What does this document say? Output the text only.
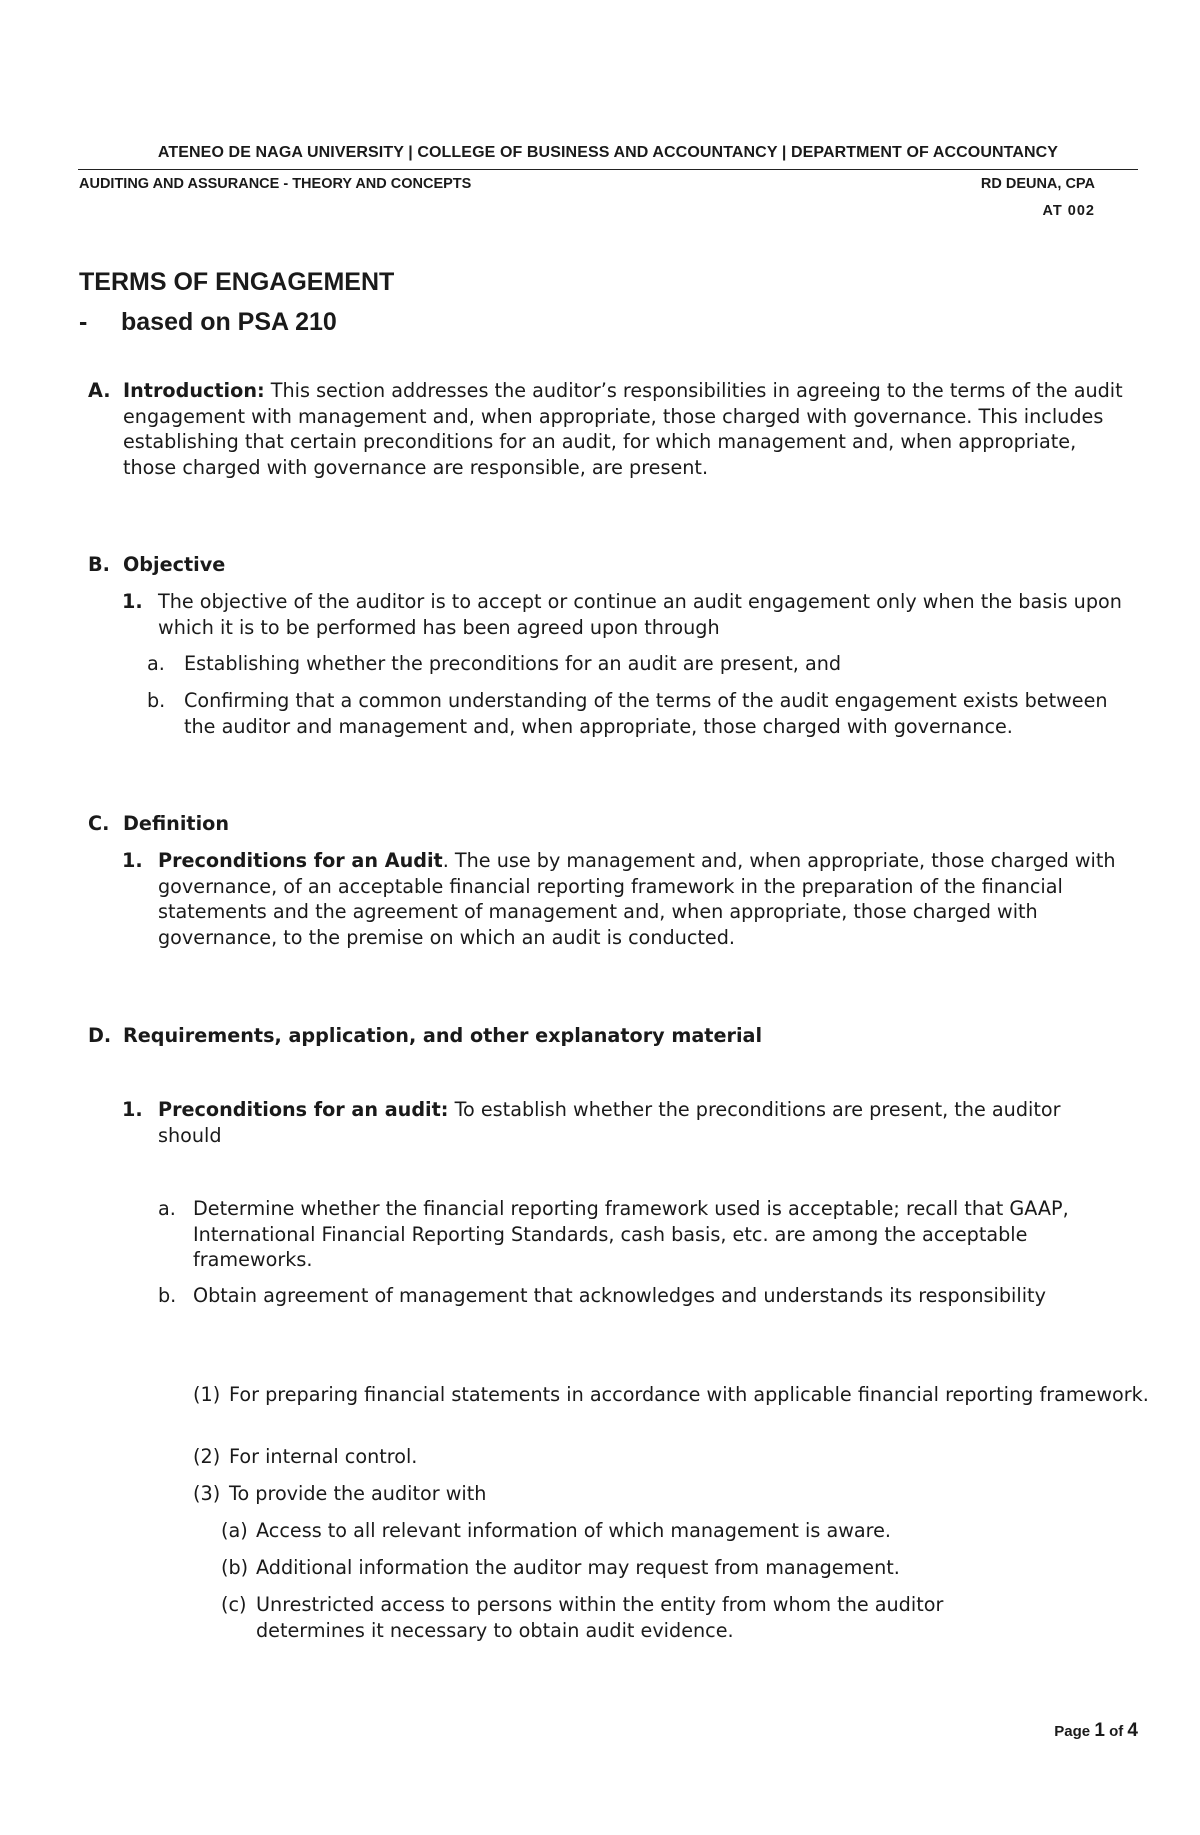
ATENEO DE NAGA UNIVERSITY | COLLEGE OF BUSINESS AND ACCOUNTANCY | DEPARTMENT OF ACCOUNTANCY
AUDITING AND ASSURANCE - THEORY AND CONCEPTS	RD DEUNA, CPA
AT 002
TERMS OF ENGAGEMENT
- based on PSA 210
A. Introduction: This section addresses the auditor’s responsibilities in agreeing to the terms of the audit engagement with management and, when appropriate, those charged with governance. This includes establishing that certain preconditions for an audit, for which management and, when appropriate, those charged with governance are responsible, are present.
B. Objective
1. The objective of the auditor is to accept or continue an audit engagement only when the basis upon which it is to be performed has been agreed upon through
a. Establishing whether the preconditions for an audit are present, and
b. Confirming that a common understanding of the terms of the audit engagement exists between the auditor and management and, when appropriate, those charged with governance.
C. Definition
1. Preconditions for an Audit. The use by management and, when appropriate, those charged with governance, of an acceptable financial reporting framework in the preparation of the financial statements and the agreement of management and, when appropriate, those charged with governance, to the premise on which an audit is conducted.
D. Requirements, application, and other explanatory material
1. Preconditions for an audit: To establish whether the preconditions are present, the auditor should
a. Determine whether the financial reporting framework used is acceptable; recall that GAAP, International Financial Reporting Standards, cash basis, etc. are among the acceptable frameworks.
b. Obtain agreement of management that acknowledges and understands its responsibility
(1) For preparing financial statements in accordance with applicable financial reporting framework.
(2) For internal control.
(3) To provide the auditor with
(a) Access to all relevant information of which management is aware.
(b) Additional information the auditor may request from management.
(c) Unrestricted access to persons within the entity from whom the auditor determines it necessary to obtain audit evidence.
Page 1 of 4
